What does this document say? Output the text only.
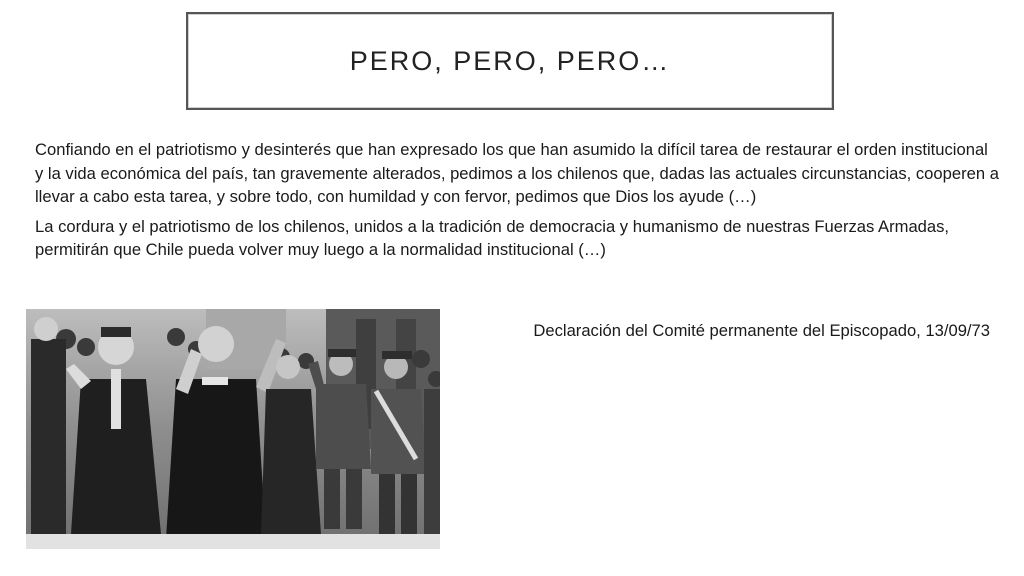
PERO, PERO, PERO…

Confiando en el patriotismo y desinterés que han expresado los que han asumido la difícil tarea de restaurar el orden institucional y la vida económica del país, tan gravemente alterados, pedimos a los chilenos que, dadas las actuales circunstancias, cooperen a llevar a cabo esta tarea, y sobre todo, con humildad y con fervor, pedimos que Dios los ayude (…)

La cordura y el patriotismo de los chilenos, unidos a la tradición de democracia y humanismo de nuestras Fuerzas Armadas, permitirán que Chile pueda volver muy luego a la normalidad institucional (…)

Declaración del Comité permanente del Episcopado, 13/09/73
